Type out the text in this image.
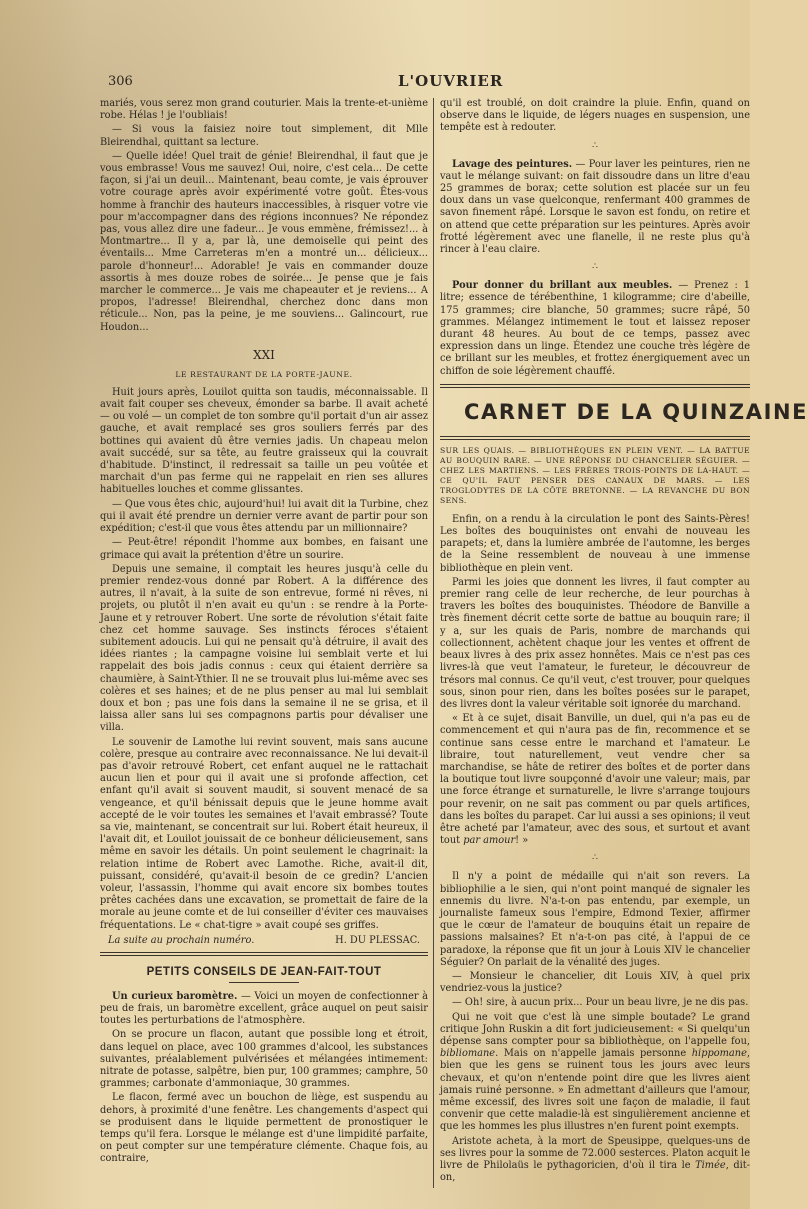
306	L'OUVRIER

mariés, vous serez mon grand couturier. Mais la trente-et-unième robe. Hélas ! je l'oubliais!

— Si vous la faisiez noire tout simplement, dit Mlle Bleirendhal, quittant sa lecture.

— Quelle idée! Quel trait de génie! Bleirendhal, il faut que je vous embrasse! Vous me sauvez! Oui, noire, c'est cela... De cette façon, si j'ai un deuil... Maintenant, beau comte, je vais éprouver votre courage après avoir expérimenté votre goût. Êtes-vous homme à franchir des hauteurs inaccessibles, à risquer votre vie pour m'accompagner dans des régions inconnues? Ne répondez pas, vous allez dire une fadeur... Je vous emmène, frémissez!... à Montmartre... Il y a, par là, une demoiselle qui peint des éventails... Mme Carreteras m'en a montré un... délicieux... parole d'honneur!... Adorable! Je vais en commander douze assortis à mes douze robes de soirée... Je pense que je fais marcher le commerce... Je vais me chapeauter et je reviens... A propos, l'adresse! Bleirendhal, cherchez donc dans mon réticule... Non, pas la peine, je me souviens... Galincourt, rue Houdon...

XXI
LE RESTAURANT DE LA PORTE-JAUNE.

Huit jours après, Louilot quitta son taudis, méconnaissable. Il avait fait couper ses cheveux, émonder sa barbe. Il avait acheté — ou volé — un complet de ton sombre qu'il portait d'un air assez gauche, et avait remplacé ses gros souliers ferrés par des bottines qui avaient dû être vernies jadis. Un chapeau melon avait succédé, sur sa tête, au feutre graisseux qui la couvrait d'habitude. D'instinct, il redressait sa taille un peu voûtée et marchait d'un pas ferme qui ne rappelait en rien ses allures habituelles louches et comme glissantes.

— Que vous êtes chic, aujourd'hui! lui avait dit la Turbine, chez qui il avait été prendre un dernier verre avant de partir pour son expédition; c'est-il que vous êtes attendu par un millionnaire?

— Peut-être! répondit l'homme aux bombes, en faisant une grimace qui avait la prétention d'être un sourire.

Depuis une semaine, il comptait les heures jusqu'à celle du premier rendez-vous donné par Robert. A la différence des autres, il n'avait, à la suite de son entrevue, formé ni rêves, ni projets, ou plutôt il n'en avait eu qu'un : se rendre à la Porte-Jaune et y retrouver Robert. Une sorte de révolution s'était faite chez cet homme sauvage. Ses instincts féroces s'étaient subitement adoucis. Lui qui ne pensait qu'à détruire, il avait des idées riantes ; la campagne voisine lui semblait verte et lui rappelait des bois jadis connus : ceux qui étaient derrière sa chaumière, à Saint-Ythier. Il ne se trouvait plus lui-même avec ses colères et ses haines; et de ne plus penser au mal lui semblait doux et bon ; pas une fois dans la semaine il ne se grisa, et il laissa aller sans lui ses compagnons partis pour dévaliser une villa.

Le souvenir de Lamothe lui revint souvent, mais sans aucune colère, presque au contraire avec reconnaissance. Ne lui devait-il pas d'avoir retrouvé Robert, cet enfant auquel ne le rattachait aucun lien et pour qui il avait une si profonde affection, cet enfant qu'il avait si souvent maudit, si souvent menacé de sa vengeance, et qu'il bénissait depuis que le jeune homme avait accepté de le voir toutes les semaines et l'avait embrassé? Toute sa vie, maintenant, se concentrait sur lui. Robert était heureux, il l'avait dit, et Louilot jouissait de ce bonheur délicieusement, sans même en savoir les détails. Un point seulement le chagrinait: la relation intime de Robert avec Lamothe. Riche, avait-il dit, puissant, considéré, qu'avait-il besoin de ce gredin? L'ancien voleur, l'assassin, l'homme qui avait encore six bombes toutes prêtes cachées dans une excavation, se promettait de faire de la morale au jeune comte et de lui conseiller d'éviter ces mauvaises fréquentations. Le « chat-tigre » avait coupé ses griffes.

La suite au prochain numéro.	H. DU PLESSAC.
PETITS CONSEILS DE JEAN-FAIT-TOUT

Un curieux baromètre. — Voici un moyen de confectionner à peu de frais, un baromètre excellent, grâce auquel on peut saisir toutes les perturbations de l'atmosphère.

On se procure un flacon, autant que possible long et étroit, dans lequel on place, avec 100 grammes d'alcool, les substances suivantes, préalablement pulvérisées et mélangées intimement: nitrate de potasse, salpêtre, bien pur, 100 grammes; camphre, 50 grammes; carbonate d'ammoniaque, 30 grammes.

Le flacon, fermé avec un bouchon de liège, est suspendu au dehors, à proximité d'une fenêtre. Les changements d'aspect qui se produisent dans le liquide permettent de pronostiquer le temps qu'il fera. Lorsque le mélange est d'une limpidité parfaite, on peut compter sur une température clémente. Chaque fois, au contraire,

qu'il est troublé, on doit craindre la pluie. Enfin, quand on observe dans le liquide, de légers nuages en suspension, une tempête est à redouter.

∴

Lavage des peintures. — Pour laver les peintures, rien ne vaut le mélange suivant: on fait dissoudre dans un litre d'eau 25 grammes de borax; cette solution est placée sur un feu doux dans un vase quelconque, renfermant 400 grammes de savon finement râpé. Lorsque le savon est fondu, on retire et on attend que cette préparation sur les peintures. Après avoir frotté légèrement avec une flanelle, il ne reste plus qu'à rincer à l'eau claire.

∴

Pour donner du brillant aux meubles. — Prenez : 1 litre; essence de térébenthine, 1 kilogramme; cire d'abeille, 175 grammes; cire blanche, 50 grammes; sucre râpé, 50 grammes. Mélangez intimement le tout et laissez reposer durant 48 heures. Au bout de ce temps, passez avec expression dans un linge. Étendez une couche très légère de ce brillant sur les meubles, et frottez énergiquement avec un chiffon de soie légèrement chauffé.

CARNET DE LA QUINZAINE

SUR LES QUAIS. — BIBLIOTHÈQUES EN PLEIN VENT. — LA BATTUE AU BOUQUIN RARE. — UNE RÉPONSE DU CHANCELIER SÉGUIER. — CHEZ LES MARTIENS. — LES FRÈRES TROIS-POINTS DE LA-HAUT. — CE QU'IL FAUT PENSER DES CANAUX DE MARS. — LES TROGLODYTES DE LA CÔTE BRETONNE. — LA REVANCHE DU BON SENS.

Enfin, on a rendu à la circulation le pont des Saints-Pères! Les boîtes des bouquinistes ont envahi de nouveau les parapets; et, dans la lumière ambrée de l'automne, les berges de la Seine ressemblent de nouveau à une immense bibliothèque en plein vent.

Parmi les joies que donnent les livres, il faut compter au premier rang celle de leur recherche, de leur pourchas à travers les boîtes des bouquinistes. Théodore de Banville a très finement décrit cette sorte de battue au bouquin rare; il y a, sur les quais de Paris, nombre de marchands qui collectionnent, achètent chaque jour les ventes et offrent de beaux livres à des prix assez honnêtes. Mais ce n'est pas ces livres-là que veut l'amateur, le fureteur, le découvreur de trésors mal connus. Ce qu'il veut, c'est trouver, pour quelques sous, sinon pour rien, dans les boîtes posées sur le parapet, des livres dont la valeur véritable soit ignorée du marchand.

« Et à ce sujet, disait Banville, un duel, qui n'a pas eu de commencement et qui n'aura pas de fin, recommence et se continue sans cesse entre le marchand et l'amateur. Le libraire, tout naturellement, veut vendre cher sa marchandise, se hâte de retirer des boîtes et de porter dans la boutique tout livre soupçonné d'avoir une valeur; mais, par une force étrange et surnaturelle, le livre s'arrange toujours pour revenir, on ne sait pas comment ou par quels artifices, dans les boîtes du parapet. Car lui aussi a ses opinions; il veut être acheté par l'amateur, avec des sous, et surtout et avant tout par amour! »

∴

Il n'y a point de médaille qui n'ait son revers. La bibliophilie a le sien, qui n'ont point manqué de signaler les ennemis du livre. N'a-t-on pas entendu, par exemple, un journaliste fameux sous l'empire, Edmond Texier, affirmer que le cœur de l'amateur de bouquins était un repaire de passions malsaines? Et n'a-t-on pas cité, à l'appui de ce paradoxe, la réponse que fit un jour à Louis XIV le chancelier Séguier? On parlait de la vénalité des juges.

— Monsieur le chancelier, dit Louis XIV, à quel prix vendriez-vous la justice?

— Oh! sire, à aucun prix... Pour un beau livre, je ne dis pas.

Qui ne voit que c'est là une simple boutade? Le grand critique John Ruskin a dit fort judicieusement: « Si quelqu'un dépense sans compter pour sa bibliothèque, on l'appelle fou, bibliomane. Mais on n'appelle jamais personne hippomane, bien que les gens se ruinent tous les jours avec leurs chevaux, et qu'on n'entende point dire que les livres aient jamais ruiné personne. » En admettant d'ailleurs que l'amour, même excessif, des livres soit une façon de maladie, il faut convenir que cette maladie-là est singulièrement ancienne et que les hommes les plus illustres n'en furent point exempts.

Aristote acheta, à la mort de Speusippe, quelques-uns de ses livres pour la somme de 72.000 sesterces. Platon acquit le livre de Philolaüs le pythagoricien, d'où il tira le Timée, dit-on,
